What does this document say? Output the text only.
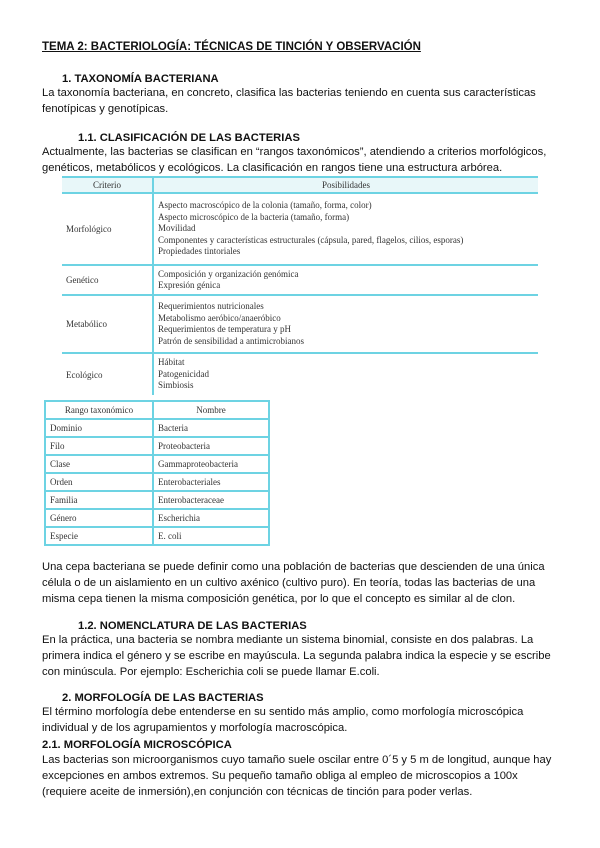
TEMA 2: BACTERIOLOGÍA: TÉCNICAS DE TINCIÓN Y OBSERVACIÓN
1. TAXONOMÍA BACTERIANA
La taxonomía bacteriana, en concreto, clasifica las bacterias teniendo en cuenta sus características fenotípicas y genotípicas.
1.1. CLASIFICACIÓN DE LAS BACTERIAS
Actualmente, las bacterias se clasifican en “rangos taxonómicos”, atendiendo a criterios morfológicos, genéticos, metabólicos y ecológicos. La clasificación en rangos tiene una estructura arbórea.
Criterio	Posibilidades
Morfológico	Aspecto macroscópico de la colonia (tamaño, forma, color)
Aspecto microscópico de la bacteria (tamaño, forma)
Movilidad
Componentes y características estructurales (cápsula, pared, flagelos, cilios, esporas)
Propiedades tintoriales

Genético	Composición y organización genómica
Expresión génica

Metabólico	Requerimientos nutricionales
Metabolismo aeróbico/anaeróbico
Requerimientos de temperatura y pH
Patrón de sensibilidad a antimicrobianos

Ecológico	Hábitat
Patogenicidad
Simbiosis
Rango taxonómico	Nombre
Dominio	Bacteria
Filo	Proteobacteria
Clase	Gammaproteobacteria
Orden	Enterobacteriales
Familia	Enterobacteraceae
Género	Escherichia
Especie	E. coli
Una cepa bacteriana se puede definir como una población de bacterias que descienden de una única célula o de un aislamiento en un cultivo axénico (cultivo puro). En teoría, todas las bacterias de una misma cepa tienen la misma composición genética, por lo que el concepto es similar al de clon.
1.2. NOMENCLATURA DE LAS BACTERIAS
En la práctica, una bacteria se nombra mediante un sistema binomial, consiste en dos palabras. La primera indica el género y se escribe en mayúscula. La segunda palabra indica la especie y se escribe con minúscula. Por ejemplo: Escherichia coli se puede llamar E.coli.
2. MORFOLOGÍA DE LAS BACTERIAS
El término morfología debe entenderse en su sentido más amplio, como morfología microscópica individual y de los agrupamientos y morfología macroscópica.
2.1. MORFOLOGÍA MICROSCÓPICA
Las bacterias son microorganismos cuyo tamaño suele oscilar entre 0´5 y 5 m de longitud, aunque hay excepciones en ambos extremos. Su pequeño tamaño obliga al empleo de microscopios a 100x (requiere aceite de inmersión),en conjunción con técnicas de tinción para poder verlas.
